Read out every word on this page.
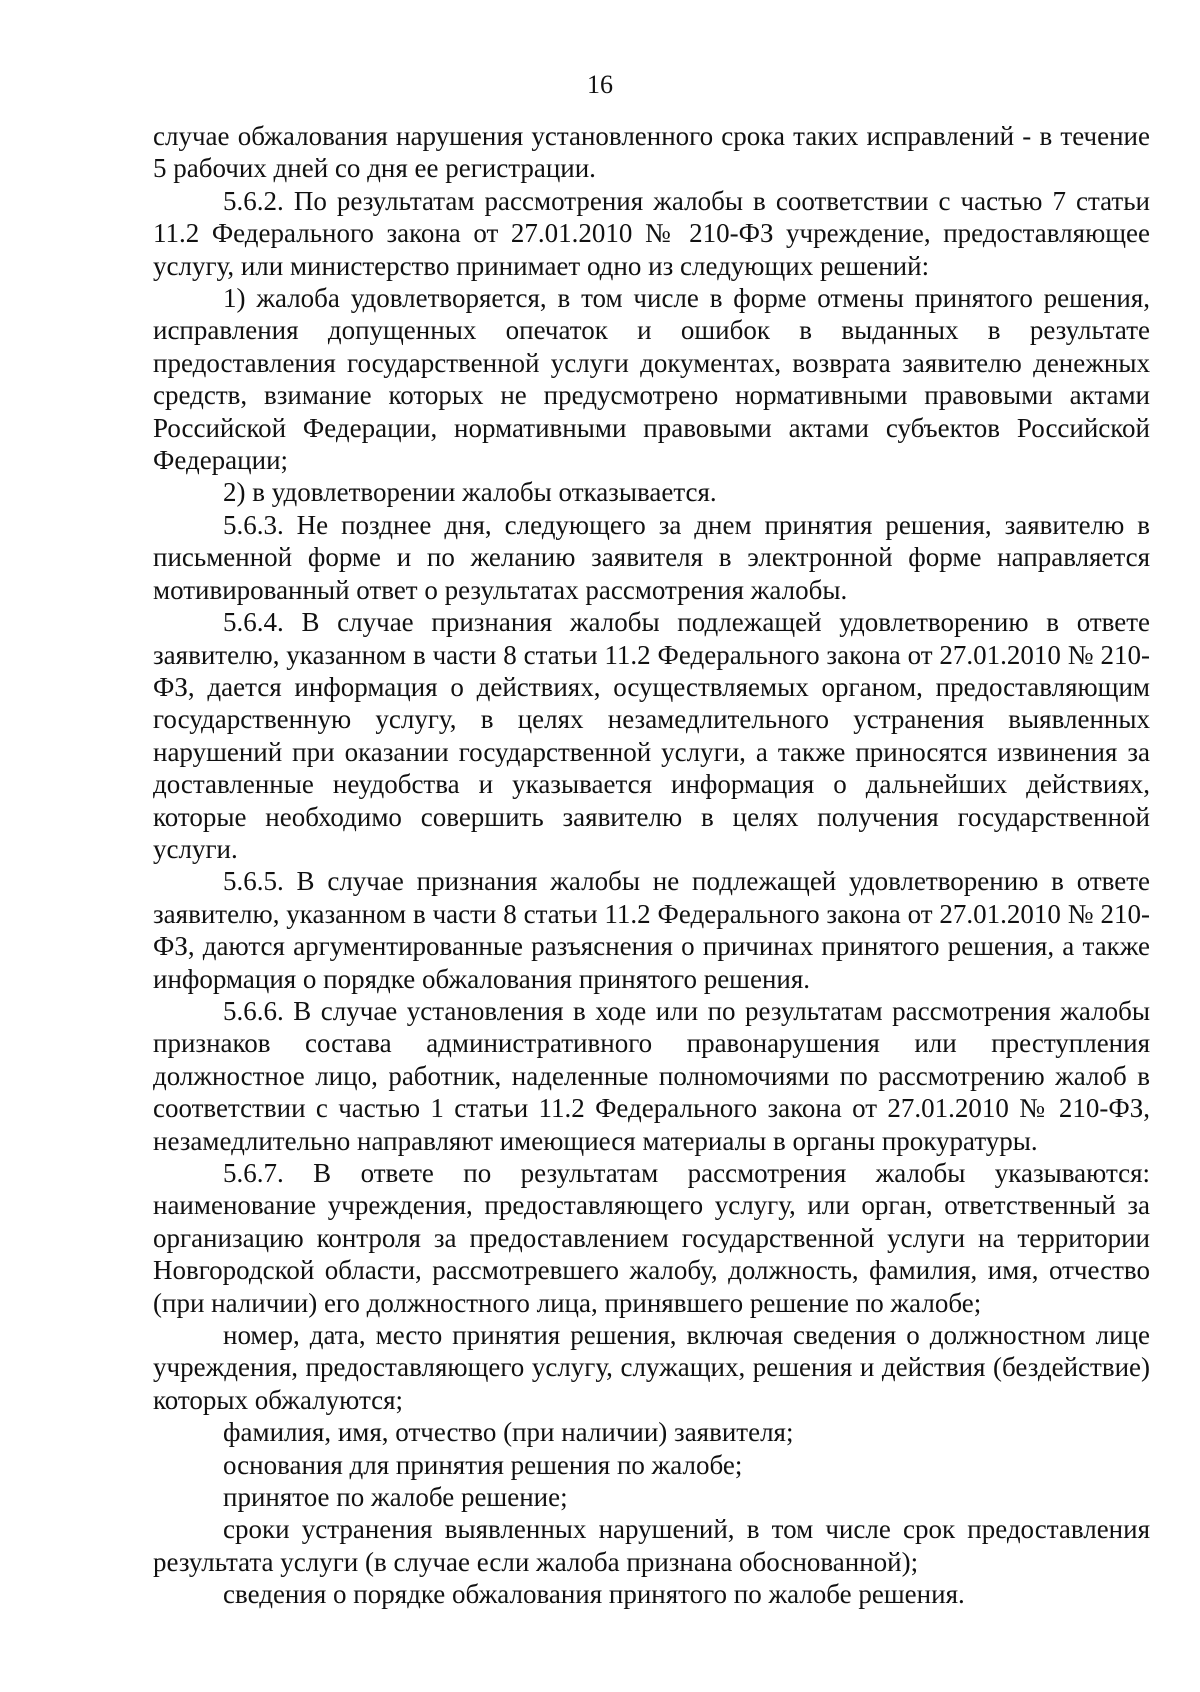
16

случае обжалования нарушения установленного срока таких исправлений - в течение 5 рабочих дней со дня ее регистрации.

5.6.2. По результатам рассмотрения жалобы в соответствии с частью 7 статьи 11.2 Федерального закона от 27.01.2010 № 210-ФЗ учреждение, предоставляющее услугу, или министерство принимает одно из следующих решений:

1) жалоба удовлетворяется, в том числе в форме отмены принятого решения, исправления допущенных опечаток и ошибок в выданных в результате предоставления государственной услуги документах, возврата заявителю денежных средств, взимание которых не предусмотрено нормативными правовыми актами Российской Федерации, нормативными правовыми актами субъектов Российской Федерации;

2) в удовлетворении жалобы отказывается.

5.6.3. Не позднее дня, следующего за днем принятия решения, заявителю в письменной форме и по желанию заявителя в электронной форме направляется мотивированный ответ о результатах рассмотрения жалобы.

5.6.4. В случае признания жалобы подлежащей удовлетворению в ответе заявителю, указанном в части 8 статьи 11.2 Федерального закона от 27.01.2010 № 210-ФЗ, дается информация о действиях, осуществляемых органом, предоставляющим государственную услугу, в целях незамедлительного устранения выявленных нарушений при оказании государственной услуги, а также приносятся извинения за доставленные неудобства и указывается информация о дальнейших действиях, которые необходимо совершить заявителю в целях получения государственной услуги.

5.6.5. В случае признания жалобы не подлежащей удовлетворению в ответе заявителю, указанном в части 8 статьи 11.2 Федерального закона от 27.01.2010 № 210-ФЗ, даются аргументированные разъяснения о причинах принятого решения, а также информация о порядке обжалования принятого решения.

5.6.6. В случае установления в ходе или по результатам рассмотрения жалобы признаков состава административного правонарушения или преступления должностное лицо, работник, наделенные полномочиями по рассмотрению жалоб в соответствии с частью 1 статьи 11.2 Федерального закона от 27.01.2010 № 210-ФЗ, незамедлительно направляют имеющиеся материалы в органы прокуратуры.

5.6.7. В ответе по результатам рассмотрения жалобы указываются: наименование учреждения, предоставляющего услугу, или орган, ответственный за организацию контроля за предоставлением государственной услуги на территории Новгородской области, рассмотревшего жалобу, должность, фамилия, имя, отчество (при наличии) его должностного лица, принявшего решение по жалобе;

номер, дата, место принятия решения, включая сведения о должностном лице учреждения, предоставляющего услугу, служащих, решения и действия (бездействие) которых обжалуются;

фамилия, имя, отчество (при наличии) заявителя;

основания для принятия решения по жалобе;

принятое по жалобе решение;

сроки устранения выявленных нарушений, в том числе срок предоставления результата услуги (в случае если жалоба признана обоснованной);

сведения о порядке обжалования принятого по жалобе решения.
